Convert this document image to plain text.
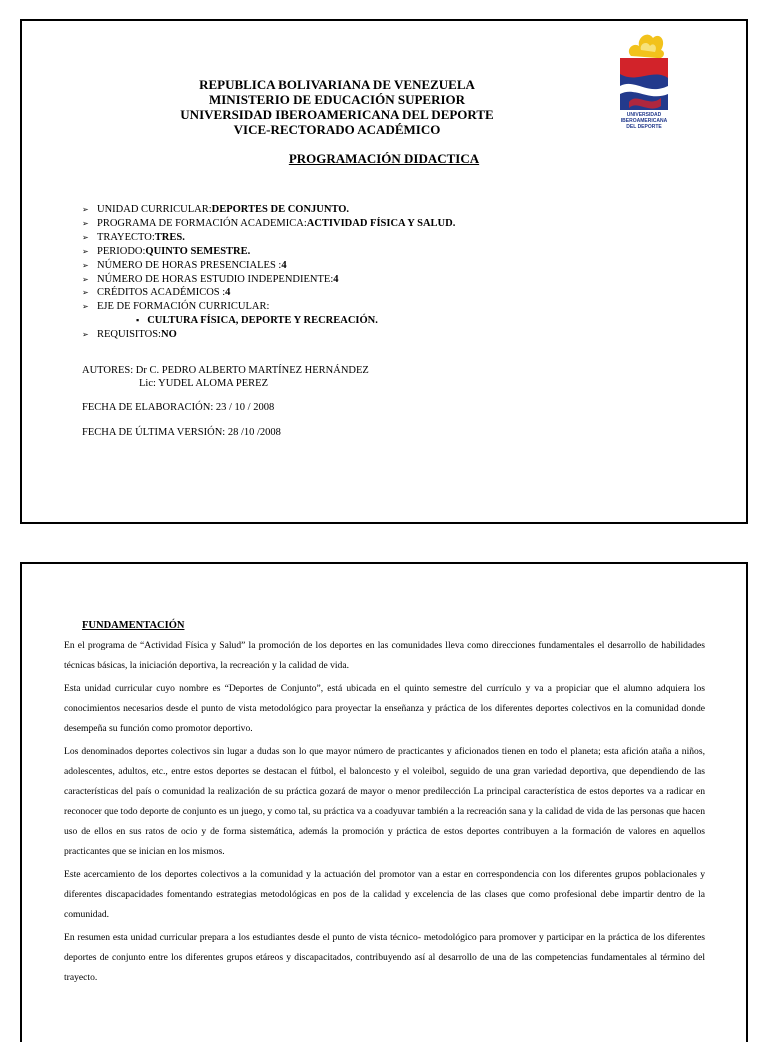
UNIVERSIDAD
IBEROAMERICANA
DEL DEPORTE
REPUBLICA BOLIVARIANA DE VENEZUELA
MINISTERIO DE EDUCACIÓN SUPERIOR
UNIVERSIDAD IBEROAMERICANA DEL DEPORTE
VICE-RECTORADO ACADÉMICO
PROGRAMACIÓN DIDACTICA
➢ UNIDAD CURRICULAR: DEPORTES DE CONJUNTO.
➢ PROGRAMA DE FORMACIÓN ACADEMICA: ACTIVIDAD FÍSICA Y SALUD.
➢ TRAYECTO: TRES.
➢ PERIODO: QUINTO SEMESTRE.
➢ NÚMERO DE HORAS PRESENCIALES : 4
➢ NÚMERO DE HORAS ESTUDIO INDEPENDIENTE: 4
➢ CRÉDITOS ACADÉMICOS : 4
➢ EJE DE FORMACIÓN CURRICULAR:
▪ CULTURA FÍSICA, DEPORTE Y RECREACIÓN.
➢ REQUISITOS: NO
AUTORES: Dr C. PEDRO ALBERTO MARTÍNEZ HERNÁNDEZ
Lic: YUDEL ALOMA PEREZ
FECHA DE ELABORACIÓN: 23 / 10 / 2008
FECHA DE ÚLTIMA VERSIÓN: 28 /10 /2008
FUNDAMENTACIÓN

En el programa de “Actividad Física y Salud” la promoción de los deportes en las comunidades lleva como direcciones fundamentales el desarrollo de habilidades técnicas básicas, la iniciación deportiva, la recreación y la calidad de vida.

Esta unidad curricular cuyo nombre es “Deportes de Conjunto”, está ubicada en el quinto semestre del currículo y va a propiciar que el alumno adquiera los conocimientos necesarios desde el punto de vista metodológico para proyectar la enseñanza y práctica de los diferentes deportes colectivos en la comunidad donde desempeña su función como promotor deportivo.

Los denominados deportes colectivos sin lugar a dudas son lo que mayor número de practicantes y aficionados tienen en todo el planeta; esta afición ataña a niños, adolescentes, adultos, etc., entre estos deportes se destacan el fútbol, el baloncesto y el voleibol, seguido de una gran variedad deportiva, que dependiendo de las características del país o comunidad la realización de su práctica gozará de mayor o menor predilección La principal característica de estos deportes va a radicar en reconocer que todo deporte de conjunto es un juego, y como tal, su práctica va a coadyuvar también a la recreación sana y la calidad de vida de las personas que hacen uso de ellos en sus ratos de ocio y de forma sistemática, además la promoción y práctica de estos deportes contribuyen a la formación de valores en aquellos practicantes que se inician en los mismos.

Este acercamiento de los deportes colectivos a la comunidad y la actuación del promotor van a estar en correspondencia con los diferentes grupos poblacionales y diferentes discapacidades fomentando estrategias metodológicas en pos de la calidad y excelencia de las clases que como profesional debe impartir dentro de la comunidad.

En resumen esta unidad curricular prepara a los estudiantes desde el punto de vista técnico- metodológico para promover y participar en la práctica de los diferentes deportes de conjunto entre los diferentes grupos etáreos y discapacitados, contribuyendo así al desarrollo de una de las competencias fundamentales al término del trayecto.
